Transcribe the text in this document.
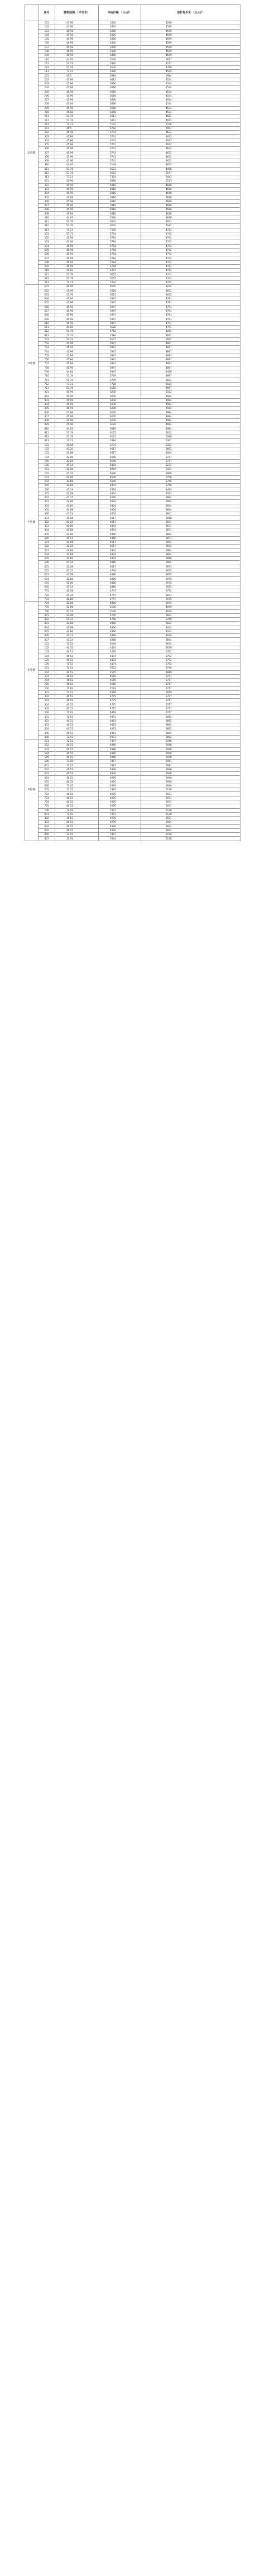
	房号	建筑面积 （平方米）	评估价格 （元/㎡）	房价每平米 （元/㎡）
2号楼	101	45.96	5400	4268
	102	45.96	5400	4599
	103	45.96	5400	4599
	104	45.96	5400	4599
	105	45.96	5400	4599
	106	45.96	5400	4599
	107	45.96	5400	4599
	108	45.96	5400	4599
	109	45.96	5400	4599
	110	44.82	5200	2827
	111	51.71	5320	4271
	112	51.76	5535	4799
	113	73.11	5406	4599
	201	45.5	5984	5984
	202	45.96	6813	4534
	203	45.96	5666	4534
	204	45.96	5666	4534
	205	45.96	5666	4534
	206	45.96	5666	4534
	207	45.96	5666	4534
	208	45.96	5666	4534
	209	45.96	5666	4534
	210	44.82	5446	4534
	211	51.76	5611	4611
	212	51.76	5611	4612
	213	73.11	7172	5726
	301	46.5	5782	4991
	302	45.96	5741	4632
	303	45.96	5741	4632
	304	45.96	5741	4632
	305	45.96	5741	4632
	306	45.96	5741	4632
	307	45.96	5741	4632
	308	45.96	5741	4632
	309	45.96	5741	4632
	310	44.82	5134	4632
	311	51.76	5623	4498
	312	51.76	5623	5147
	313	73.11	7374	5442
	401	45.96	5816	6113
	402	45.96	5816	4668
	403	45.96	5816	4668
	404	45.96	5816	4668
	405	45.96	5816	4668
	406	45.96	5816	4668
	407	45.96	5816	4668
	408	45.96	5816	4668
	409	45.96	5816	4668
	410	44.82	5560	4668
	411	51.76	5632	4671
	412	51.76	5632	3182
	413	73.11	7378	4742
	501	51.71	5704	4742
	502	45.96	5784	4742
	503	45.96	5784	4742
	504	45.96	5784	4742
	505	45.96	5784	4742
	506	45.96	5784	4742
	507	45.96	5784	4742
	508	45.96	5784	4742
	509	45.96	5784	4742
	510	44.82	5347	4742
	511	51.76	5657	4742
	512	51.76	5657	4742
	513	73.11	7222	4742
3号楼	601	45.96	4655	3234
	602	45.96	5426	4652
	603	51.76	5623	4662
	604	45.96	5947	4791
	605	45.96	5947	4791
	606	45.96	5947	4791
	607	45.96	5947	4791
	608	45.96	5947	4791
	609	45.96	5947	4791
	610	45.96	5947	4791
	611	44.82	5526	4791
	612	51.76	5712	4262
	613	73.11	7384	4832
	701	52.23	4677	5941
	702	45.96	5947	4897
	703	45.96	5947	4897
	704	45.96	5947	4897
	705	45.96	5947	4897
	706	45.96	5947	4897
	707	45.96	5947	4897
	708	45.96	5947	4897
	709	44.82	5947	4428
	710	51.76	5709	4897
	711	51.76	5709	5024
	712	73.11	7728	5024
	713	51.76	6150	4897
	801	45.96	6230	6102
	802	45.96	6230	4984
	803	45.96	6230	4984
	804	45.96	6230	4984
	805	45.96	6230	4984
	806	45.96	6230	4984
	807	45.96	6230	4984
	808	45.96	6230	4984
	809	45.96	6230	4984
	810	44.82	6019	4984
	811	51.76	6121	5022
	812	51.76	6121	5369
	813	73.11	7894	5307
4号楼	101	42.08	4234	3322
	102	41.25	4617	3802
	103	42.88	4617	4004
	104	42.86	4646	3717
	105	42.88	4646	3717
	106	41.14	4484	5274
	201	42.08	4904	3433
	202	41.25	4646	3906
	203	42.86	4646	3756
	204	42.88	4646	3756
	205	42.86	4904	3756
	206	41.14	4564	4093
	301	42.08	4904	3512
	302	41.25	4690	3964
	303	42.86	4904	3964
	304	42.86	4904	3934
	305	42.88	4904	3864
	306	41.14	4604	3941
	401	42.08	4617	3858
	402	41.25	4617	3871
	403	42.86	4904	3671
	404	42.88	4904	3871
	405	42.86	4880	3864
	406	41.14	4460	3871
	501	42.08	4617	3904
	502	41.25	4617	3924
	503	42.86	4904	3964
	504	42.88	4904	3864
	505	42.86	4904	3966
	506	41.14	4880	3964
	601	42.08	4617	3973
	602	41.25	4740	3975
	603	42.88	4880	3975
	604	42.88	4880	3975
	605	42.86	4880	3975
	606	41.14	4880	3975
	701	42.08	4747	3774
	702	41.25	4747	3873
	703	42.88	4747	3975
5号楼	704	42.88	4866	3975
	705	42.86	5136	4049
	706	41.14	5136	4049
	801	42.08	4740	3824
	802	41.25	4746	3760
	803	42.88	4866	3824
	804	42.88	4866	4024
	805	42.86	4866	4024
	806	41.14	4866	4049
	807	41.14	4866	3844
	101	72.52	5194	2674
	102	40.52	4474	2679
	103	40.52	4474	2702
	104	40.52	4474	3702
	105	40.52	4474	2702
	106	72.52	4474	2705
	201	72.52	5023	3740
	202	40.52	4565	2880
	203	40.52	4565	3717
	204	40.52	4565	3717
	205	40.52	4565	3717
	206	72.92	7293	3717
	301	72.52	4969	5859
	302	40.52	4775	3717
	303	40.52	4775	3717
	304	40.52	4775	3717
	305	40.52	4775	3717
	306	72.92	4969	3717
	401	72.52	4973	5962
	402	40.52	4863	3862
	403	40.52	4863	3862
	404	40.52	4863	3862
	405	40.52	4863	3862
	406	72.92	4973	3862
6号楼	501	72.52	7497	5956
	502	40.52	4966	3946
	503	40.52	4966	3946
	504	40.52	4966	3946
	505	40.52	4966	3946
	506	72.92	7457	5951
	601	72.52	7497	5981
	602	40.52	4976	3946
	603	40.52	4976	3946
	604	40.52	4976	3946
	605	40.52	4976	3946
	606	72.92	4976	3946
	701	72.52	7497	6178
	702	40.52	4976	3931
	703	40.52	4976	3931
	704	40.52	4976	3931
	705	40.52	4976	3931
	706	72.92	7497	6178
	801	72.52	7497	6178
	802	40.52	4976	3931
	803	40.52	4976	3924
	804	40.52	4976	3924
	805	40.52	4976	3924
	806	72.92	7497	6178
	807	72.92	7974	6178
